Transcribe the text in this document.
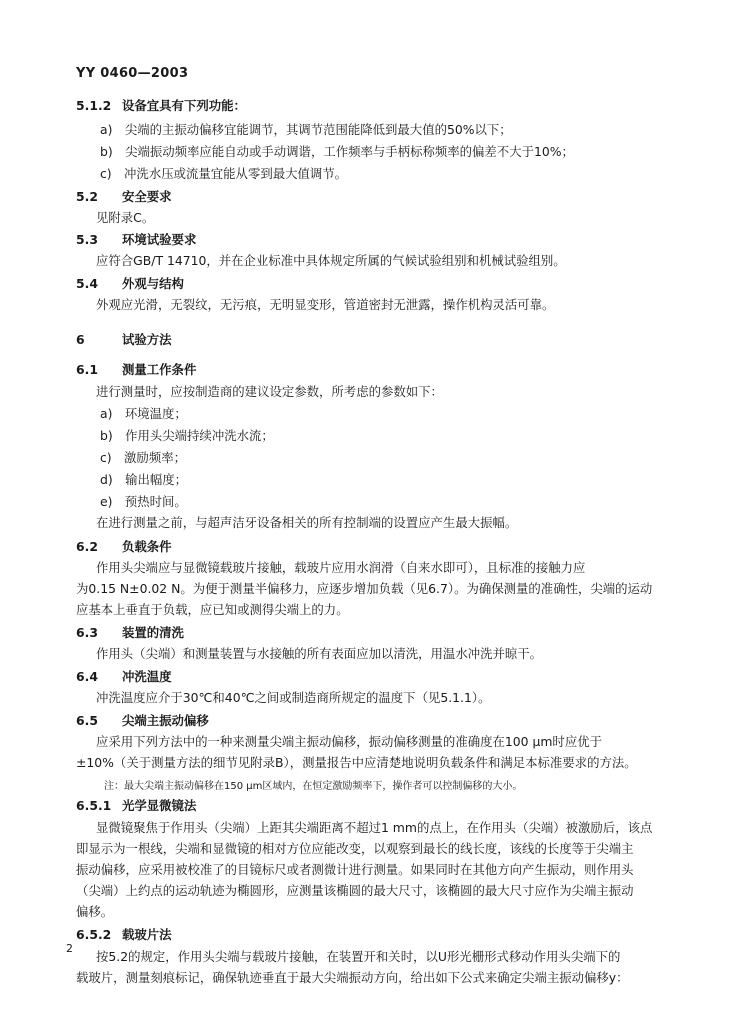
YY 0460—2003
5.1.2 设备宜具有下列功能：
a)　尖端的主振动偏移宜能调节，其调节范围能降低到最大值的50%以下；
b)　尖端振动频率应能自动或手动调谐，工作频率与手柄标称频率的偏差不大于10%；
c)　冲洗水压或流量宜能从零到最大值调节。
5.2 安全要求
见附录C。
5.3 环境试验要求
应符合GB/T 14710，并在企业标准中具体规定所属的气候试验组别和机械试验组别。
5.4 外观与结构
外观应光滑，无裂纹，无污痕，无明显变形，管道密封无泄露，操作机构灵活可靠。
6	试验方法
6.1 测量工作条件
进行测量时，应按制造商的建议设定参数，所考虑的参数如下：
a)　环境温度；
b)　作用头尖端持续冲洗水流；
c)　激励频率；
d)　输出幅度；
e)　预热时间。
在进行测量之前，与超声洁牙设备相关的所有控制端的设置应产生最大振幅。
6.2 负载条件
作用头尖端应与显微镜载玻片接触，载玻片应用水润滑（自来水即可），且标准的接触力应
为0.15 N±0.02 N。为便于测量半偏移力，应逐步增加负载（见6.7）。为确保测量的准确性，尖端的运动
应基本上垂直于负载，应已知或测得尖端上的力。
6.3 装置的清洗
作用头（尖端）和测量装置与水接触的所有表面应加以清洗，用温水冲洗并晾干。
6.4 冲洗温度
冲洗温度应介于30℃和40℃之间或制造商所规定的温度下（见5.1.1）。
6.5 尖端主振动偏移
应采用下列方法中的一种来测量尖端主振动偏移，振动偏移测量的准确度在100 μm时应优于
±10%（关于测量方法的细节见附录B），测量报告中应清楚地说明负载条件和满足本标准要求的方法。
注：最大尖端主振动偏移在150 μm区域内，在恒定激励频率下，操作者可以控制偏移的大小。
6.5.1 光学显微镜法
显微镜聚焦于作用头（尖端）上距其尖端距离不超过1 mm的点上，在作用头（尖端）被激励后，该点
即显示为一根线，尖端和显微镜的相对方位应能改变，以观察到最长的线长度，该线的长度等于尖端主
振动偏移，应采用被校准了的目镜标尺或者测微计进行测量。如果同时在其他方向产生振动，则作用头
（尖端）上约点的运动轨迹为椭圆形，应测量该椭圆的最大尺寸，该椭圆的最大尺寸应作为尖端主振动
偏移。
6.5.2 载玻片法
按5.2的规定，作用头尖端与载玻片接触，在装置开和关时，以U形光栅形式移动作用头尖端下的
载玻片，测量刻痕标记，确保轨迹垂直于最大尖端振动方向，给出如下公式来确定尖端主振动偏移y：
2
